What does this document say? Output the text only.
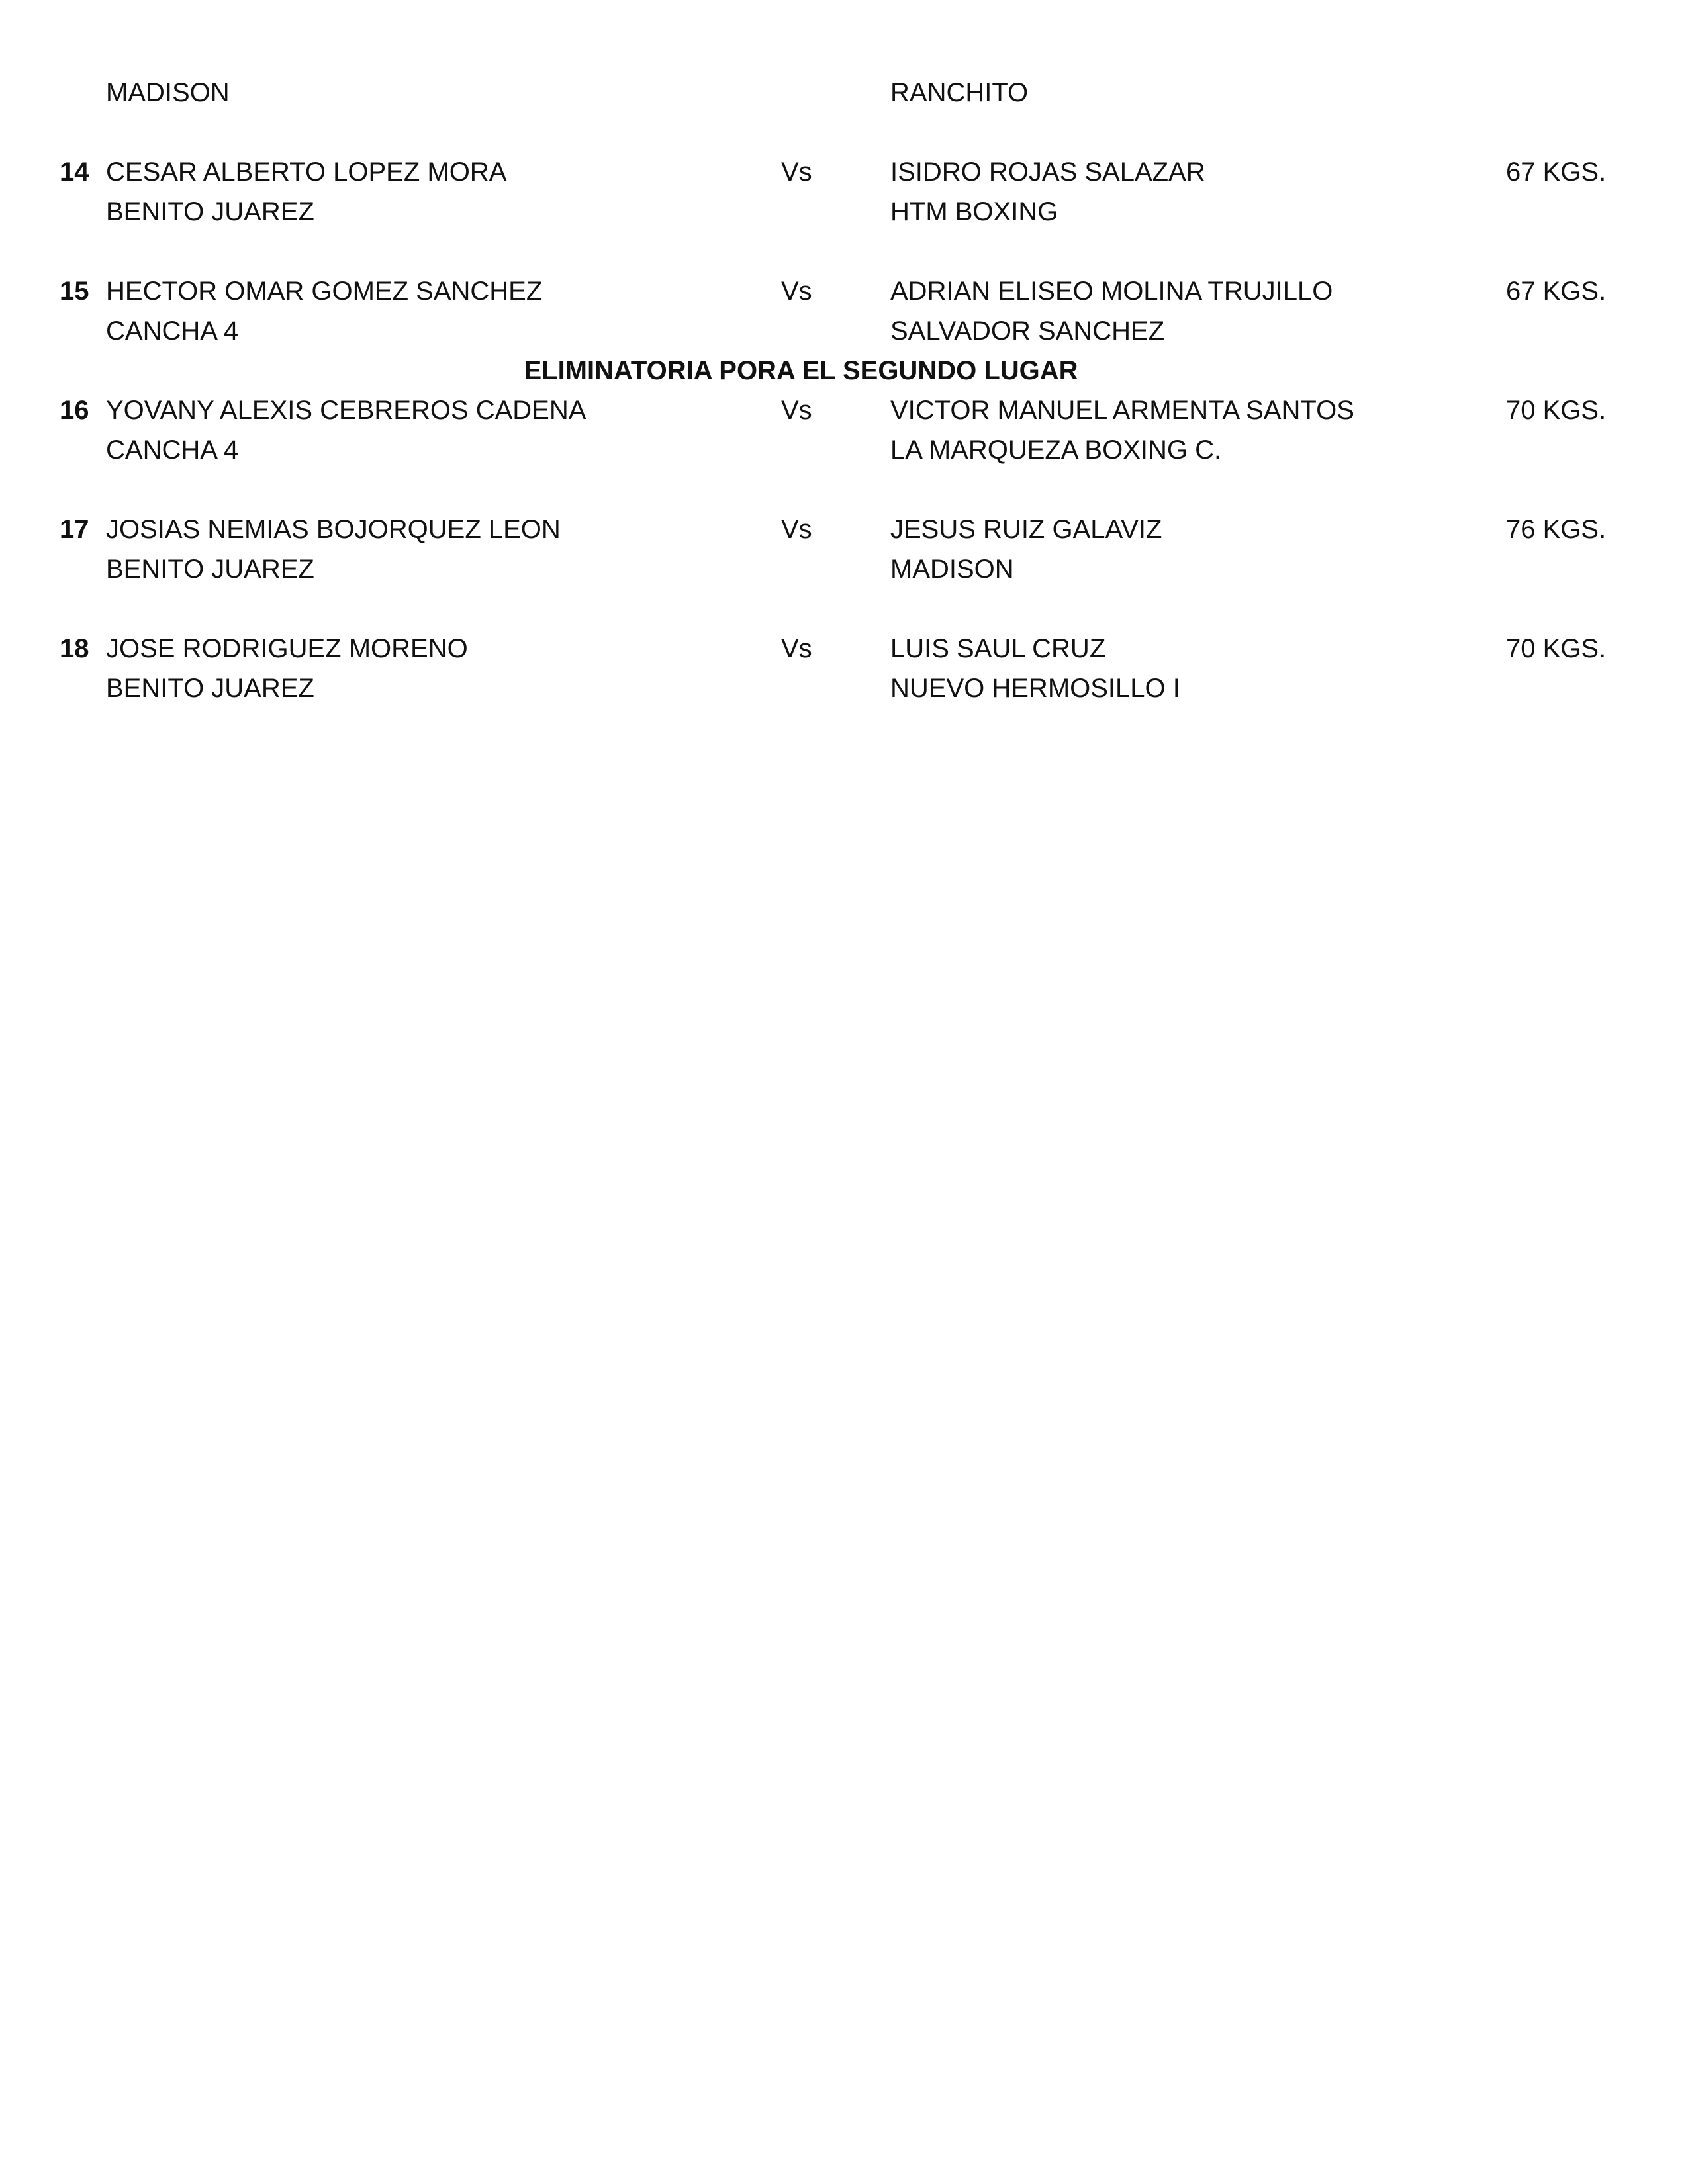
MADISON	RANCHITO
14 CESAR ALBERTO LOPEZ MORA	Vs	ISIDRO ROJAS SALAZAR	67 KGS.
BENITO JUAREZ	HTM BOXING
15 HECTOR OMAR GOMEZ SANCHEZ	Vs	ADRIAN ELISEO MOLINA TRUJILLO	67 KGS.
CANCHA 4	SALVADOR SANCHEZ
ELIMINATORIA PORA EL SEGUNDO LUGAR
16 YOVANY ALEXIS CEBREROS CADENA	Vs	VICTOR MANUEL ARMENTA SANTOS	70 KGS.
CANCHA 4	LA MARQUEZA BOXING C.
17 JOSIAS NEMIAS BOJORQUEZ LEON	Vs	JESUS RUIZ GALAVIZ	76 KGS.
BENITO JUAREZ	MADISON
18 JOSE RODRIGUEZ MORENO	Vs	LUIS SAUL CRUZ	70 KGS.
BENITO JUAREZ	NUEVO HERMOSILLO I
